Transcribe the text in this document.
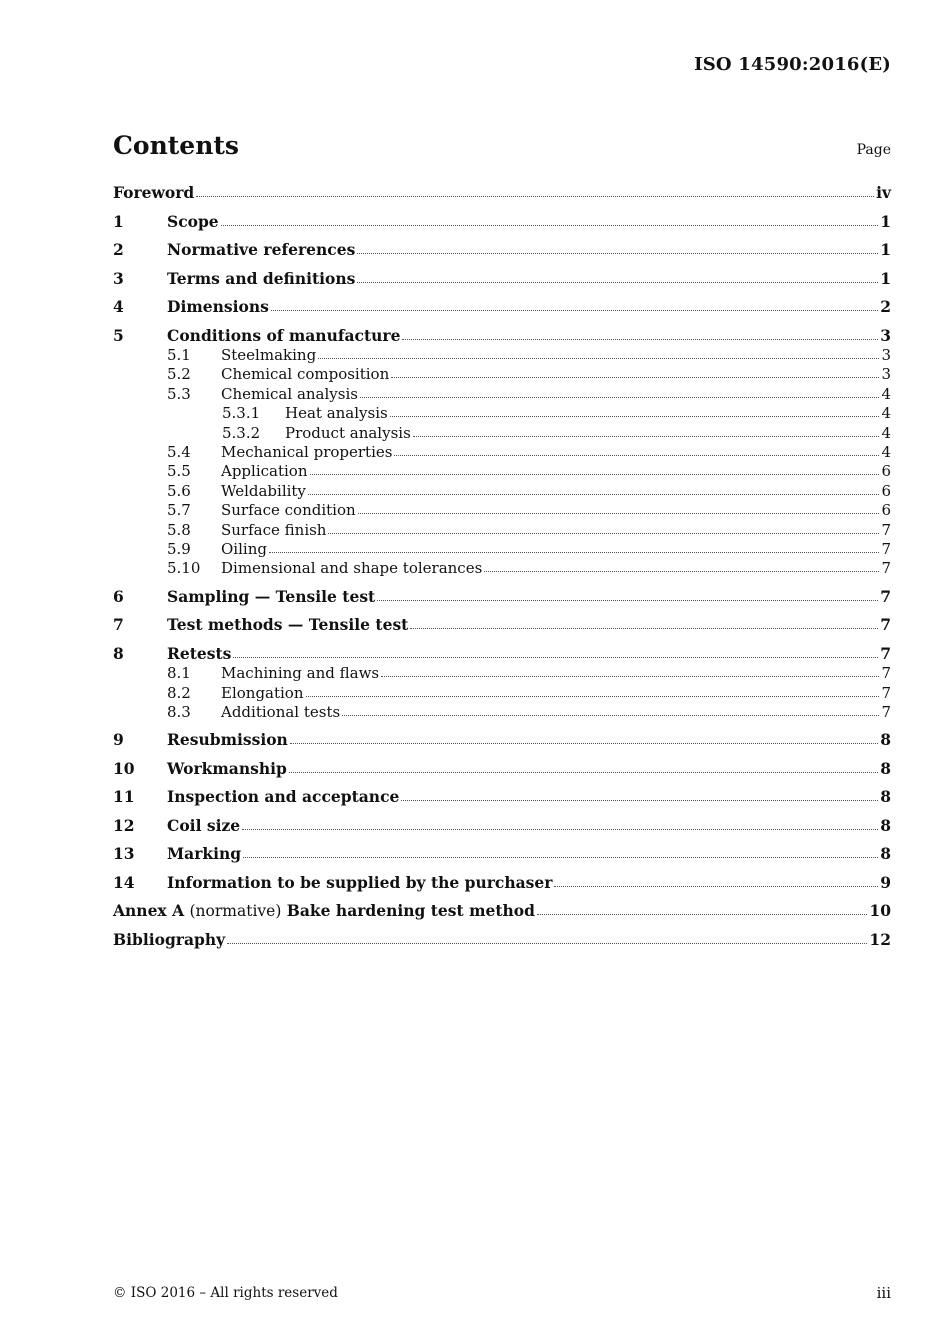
ISO 14590:2016(E)
Contents	Page
Foreword	iv
1	Scope	1
2	Normative references	1
3	Terms and definitions	1
4	Dimensions	2
5	Conditions of manufacture	3
5.1	Steelmaking	3
5.2	Chemical composition	3
5.3	Chemical analysis	4
5.3.1	Heat analysis	4
5.3.2	Product analysis	4
5.4	Mechanical properties	4
5.5	Application	6
5.6	Weldability	6
5.7	Surface condition	6
5.8	Surface finish	7
5.9	Oiling	7
5.10	Dimensional and shape tolerances	7
6	Sampling — Tensile test	7
7	Test methods — Tensile test	7
8	Retests	7
8.1	Machining and flaws	7
8.2	Elongation	7
8.3	Additional tests	7
9	Resubmission	8
10	Workmanship	8
11	Inspection and acceptance	8
12	Coil size	8
13	Marking	8
14	Information to be supplied by the purchaser	9
Annex A (normative) Bake hardening test method	10
Bibliography	12
© ISO 2016 – All rights reserved	iii
